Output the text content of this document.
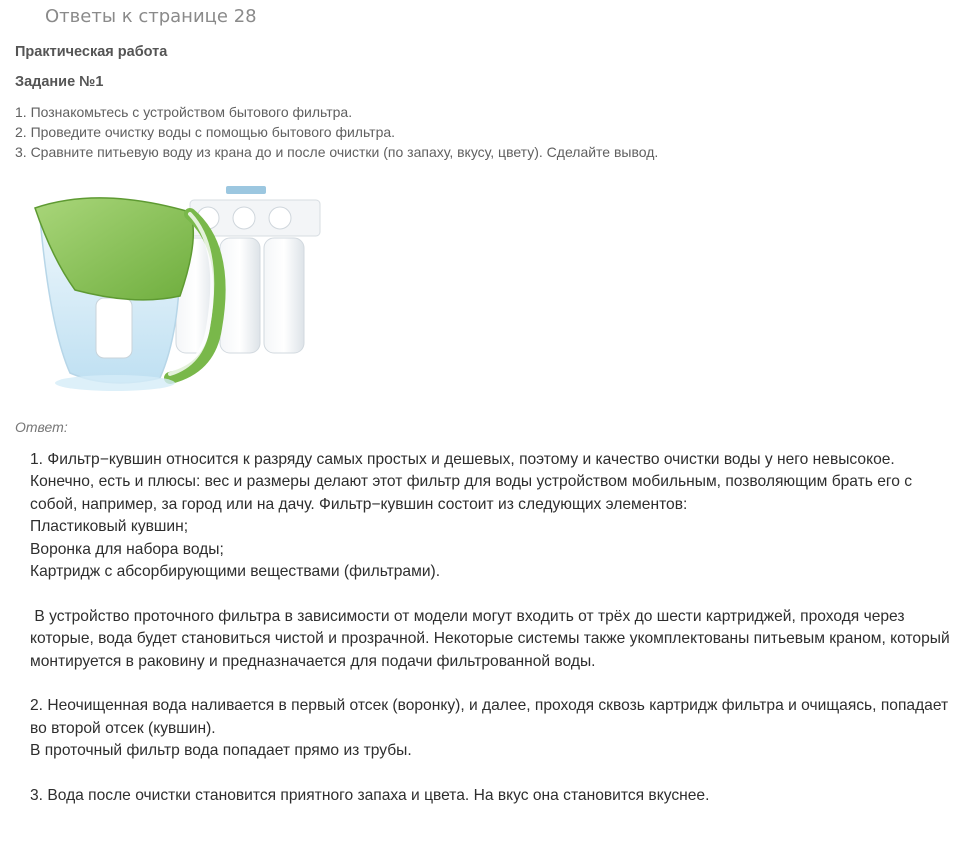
Ответы к странице 28
Практическая работа
Задание №1
1. Познакомьтесь с устройством бытового фильтра.
2. Проведите очистку воды с помощью бытового фильтра.
3. Сравните питьевую воду из крана до и после очистки (по запаху, вкусу, цвету). Сделайте вывод.
Ответ:

1. Фильтр−кувшин относится к разряду самых простых и дешевых, поэтому и качество очистки воды у него невысокое. Конечно, есть и плюсы: вес и размеры делают этот фильтр для воды устройством мобильным, позволяющим брать его с собой, например, за город или на дачу. Фильтр−кувшин состоит из следующих элементов:

Пластиковый кувшин;

Воронка для набора воды;

Картридж с абсорбирующими веществами (фильтрами).

В устройство проточного фильтра в зависимости от модели могут входить от трёх до шести картриджей, проходя через которые, вода будет становиться чистой и прозрачной. Некоторые системы также укомплектованы питьевым краном, который монтируется в раковину и предназначается для подачи фильтрованной воды.

2. Неочищенная вода наливается в первый отсек (воронку), и далее, проходя сквозь картридж фильтра и очищаясь, попадает во второй отсек (кувшин).

В проточный фильтр вода попадает прямо из трубы.

3. Вода после очистки становится приятного запаха и цвета. На вкус она становится вкуснее.
